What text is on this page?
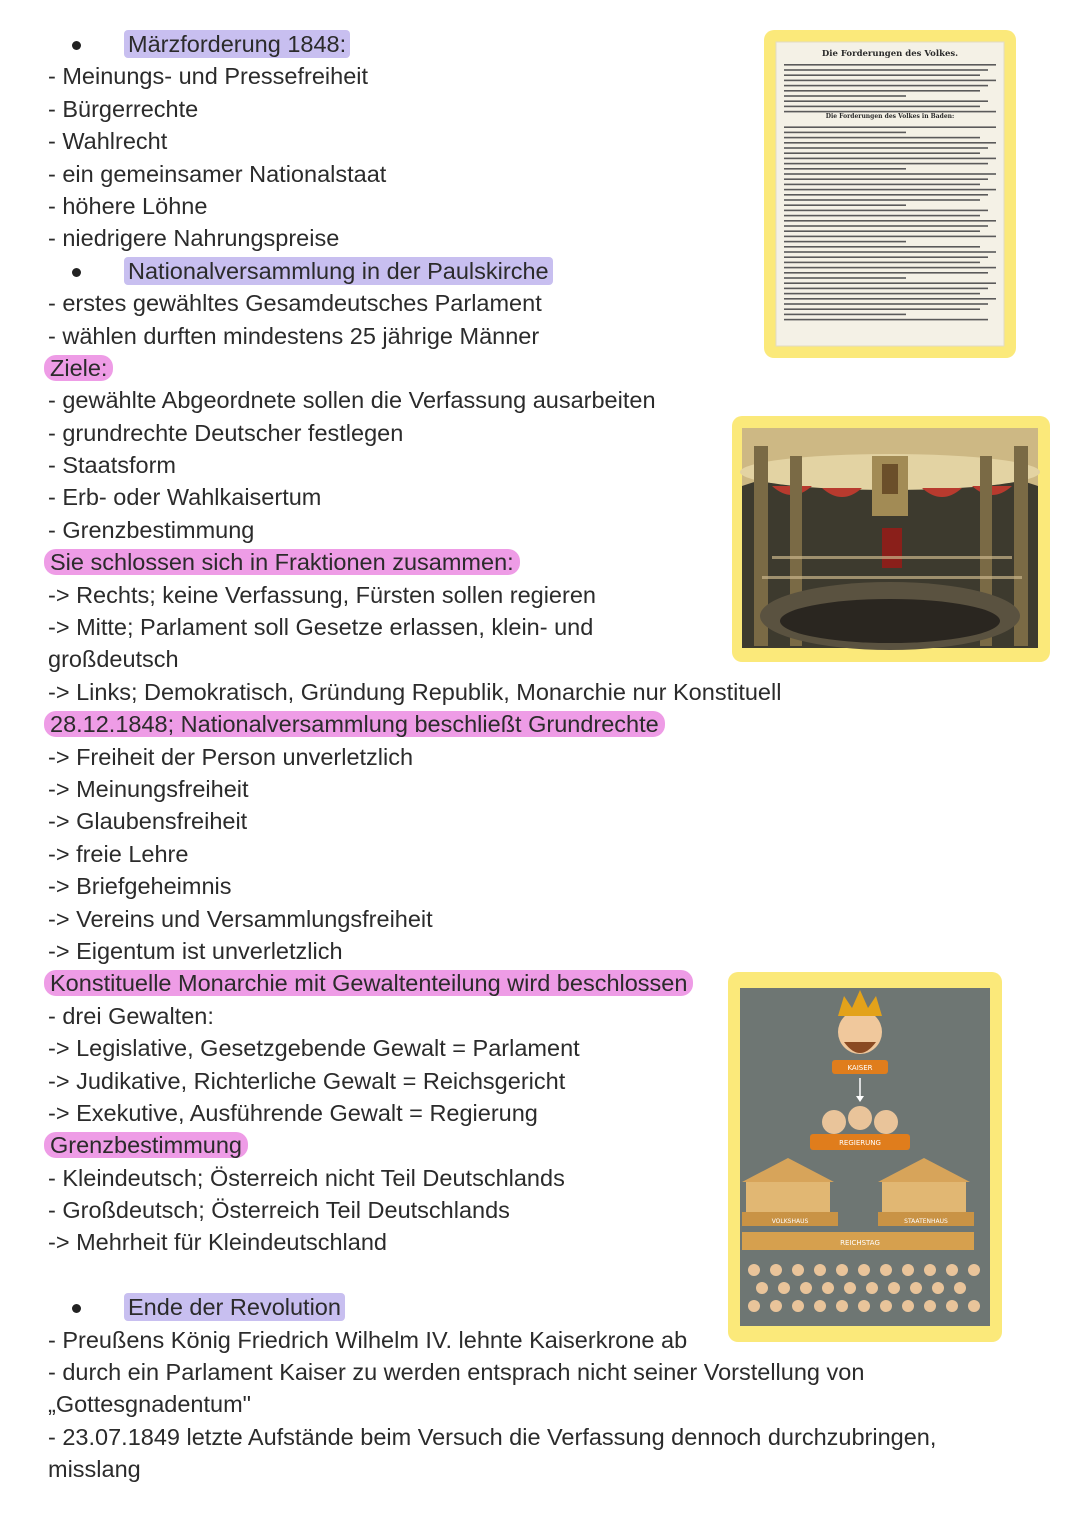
Märzforderung 1848:
- Meinungs- und Pressefreiheit
- Bürgerrechte
- Wahlrecht
- ein gemeinsamer Nationalstaat
- höhere Löhne
- niedrigere Nahrungspreise
Nationalversammlung in der Paulskirche
- erstes gewähltes Gesamdeutsches Parlament
- wählen durften mindestens 25 jährige Männer
Ziele:
- gewählte Abgeordnete sollen die Verfassung ausarbeiten
- grundrechte Deutscher festlegen
- Staatsform
- Erb- oder Wahlkaisertum
- Grenzbestimmung
Sie schlossen sich in Fraktionen zusammen:
-> Rechts; keine Verfassung, Fürsten sollen regieren
-> Mitte; Parlament soll Gesetze erlassen, klein- und
großdeutsch
-> Links; Demokratisch, Gründung Republik, Monarchie nur Konstituell
28.12.1848; Nationalversammlung beschließt Grundrechte
-> Freiheit der Person unverletzlich
-> Meinungsfreiheit
-> Glaubensfreiheit
-> freie Lehre
-> Briefgeheimnis
-> Vereins und Versammlungsfreiheit
-> Eigentum ist unverletzlich
Konstituelle Monarchie mit Gewaltenteilung wird beschlossen
- drei Gewalten:
-> Legislative, Gesetzgebende Gewalt = Parlament
-> Judikative, Richterliche Gewalt = Reichsgericht
-> Exekutive, Ausführende Gewalt = Regierung
Grenzbestimmung
- Kleindeutsch; Österreich nicht Teil Deutschlands
- Großdeutsch; Österreich Teil Deutschlands
-> Mehrheit für Kleindeutschland
Ende der Revolution
- Preußens König Friedrich Wilhelm IV. lehnte Kaiserkrone ab
- durch ein Parlament Kaiser zu werden entsprach nicht seiner Vorstellung von
„Gottesgnadentum"
- 23.07.1849 letzte Aufstände beim Versuch die Verfassung dennoch durchzubringen, misslang
Die Forderungen des Volkes.
Die Forderungen des Volkes in Baden:
KAISER
REGIERUNG
VOLKSHAUS	STAATENHAUS
REICHSTAG
